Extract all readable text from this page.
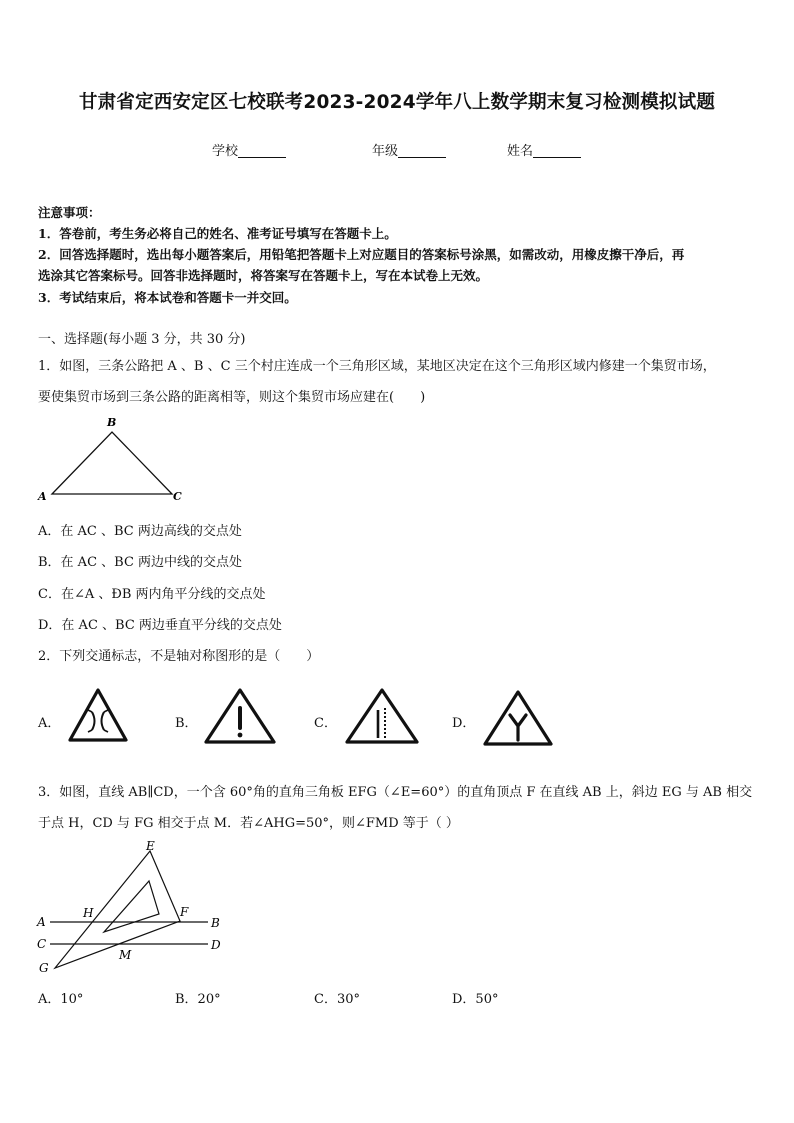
甘肃省定西安定区七校联考2023-2024学年八上数学期末复习检测模拟试题
学校	年级	姓名
注意事项：
1．答卷前，考生务必将自己的姓名、准考证号填写在答题卡上。
2．回答选择题时，选出每小题答案后，用铅笔把答题卡上对应题目的答案标号涂黑，如需改动，用橡皮擦干净后，再
选涂其它答案标号。回答非选择题时，将答案写在答题卡上，写在本试卷上无效。
3．考试结束后，将本试卷和答题卡一并交回。
一、选择题(每小题 3 分，共 30 分)
1．如图，三条公路把 A 、B 、C 三个村庄连成一个三角形区域，某地区决定在这个三角形区域内修建一个集贸市场，
要使集贸市场到三条公路的距离相等，则这个集贸市场应建在(　　)
B
A	C
A．在 AC 、BC 两边高线的交点处
B．在 AC 、BC 两边中线的交点处
C．在∠A 、ÐB 两内角平分线的交点处
D．在 AC 、BC 两边垂直平分线的交点处
2．下列交通标志，不是轴对称图形的是（　　）
A．	B．	C．	D．
3．如图，直线 AB∥CD，一个含 60°角的直角三角板 EFG（∠E=60°）的直角顶点 F 在直线 AB 上，斜边 EG 与 AB 相交
于点 H，CD 与 FG 相交于点 M．若∠AHG=50°，则∠FMD 等于（ ）
E
H	F
A	B
C	D
G
M
A．10°	B．20°	C．30°	D．50°
